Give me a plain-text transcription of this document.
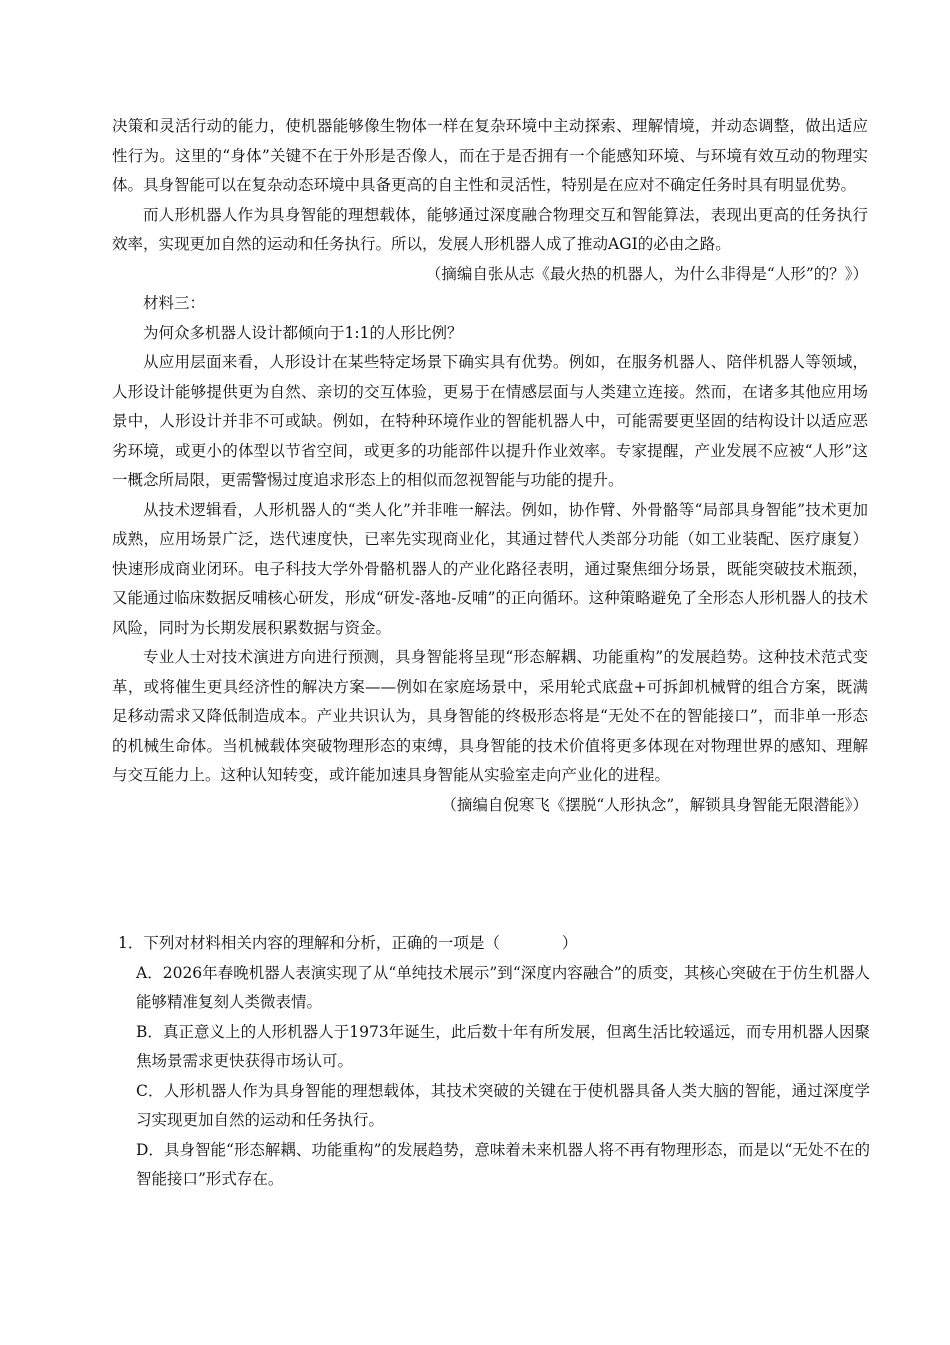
决策和灵活行动的能力，使机器能够像生物体一样在复杂环境中主动探索、理解情境，并动态调整，做出适应性行为。这里的“身体”关键不在于外形是否像人，而在于是否拥有一个能感知环境、与环境有效互动的物理实体。具身智能可以在复杂动态环境中具备更高的自主性和灵活性，特别是在应对不确定任务时具有明显优势。

而人形机器人作为具身智能的理想载体，能够通过深度融合物理交互和智能算法，表现出更高的任务执行效率，实现更加自然的运动和任务执行。所以，发展人形机器人成了推动AGI的必由之路。

（摘编自张从志《最火热的机器人，为什么非得是“人形”的？》）

材料三：

为何众多机器人设计都倾向于1:1的人形比例？

从应用层面来看，人形设计在某些特定场景下确实具有优势。例如，在服务机器人、陪伴机器人等领域，人形设计能够提供更为自然、亲切的交互体验，更易于在情感层面与人类建立连接。然而，在诸多其他应用场景中，人形设计并非不可或缺。例如，在特种环境作业的智能机器人中，可能需要更坚固的结构设计以适应恶劣环境，或更小的体型以节省空间，或更多的功能部件以提升作业效率。专家提醒，产业发展不应被“人形”这一概念所局限，更需警惕过度追求形态上的相似而忽视智能与功能的提升。

从技术逻辑看，人形机器人的“类人化”并非唯一解法。例如，协作臂、外骨骼等“局部具身智能”技术更加成熟，应用场景广泛，迭代速度快，已率先实现商业化，其通过替代人类部分功能（如工业装配、医疗康复）快速形成商业闭环。电子科技大学外骨骼机器人的产业化路径表明，通过聚焦细分场景，既能突破技术瓶颈，又能通过临床数据反哺核心研发，形成“研发-落地-反哺”的正向循环。这种策略避免了全形态人形机器人的技术风险，同时为长期发展积累数据与资金。

专业人士对技术演进方向进行预测，具身智能将呈现“形态解耦、功能重构”的发展趋势。这种技术范式变革，或将催生更具经济性的解决方案——例如在家庭场景中，采用轮式底盘+可拆卸机械臂的组合方案，既满足移动需求又降低制造成本。产业共识认为，具身智能的终极形态将是“无处不在的智能接口”，而非单一形态的机械生命体。当机械载体突破物理形态的束缚，具身智能的技术价值将更多体现在对物理世界的感知、理解与交互能力上。这种认知转变，或许能加速具身智能从实验室走向产业化的进程。

（摘编自倪寒飞《摆脱“人形执念”，解锁具身智能无限潜能》）

1．下列对材料相关内容的理解和分析，正确的一项是（　　　　）

A．2026年春晚机器人表演实现了从“单纯技术展示”到“深度内容融合”的质变，其核心突破在于仿生机器人能够精准复刻人类微表情。

B．真正意义上的人形机器人于1973年诞生，此后数十年有所发展，但离生活比较遥远，而专用机器人因聚焦场景需求更快获得市场认可。

C．人形机器人作为具身智能的理想载体，其技术突破的关键在于使机器具备人类大脑的智能，通过深度学习实现更加自然的运动和任务执行。

D．具身智能“形态解耦、功能重构”的发展趋势，意味着未来机器人将不再有物理形态，而是以“无处不在的智能接口”形式存在。
